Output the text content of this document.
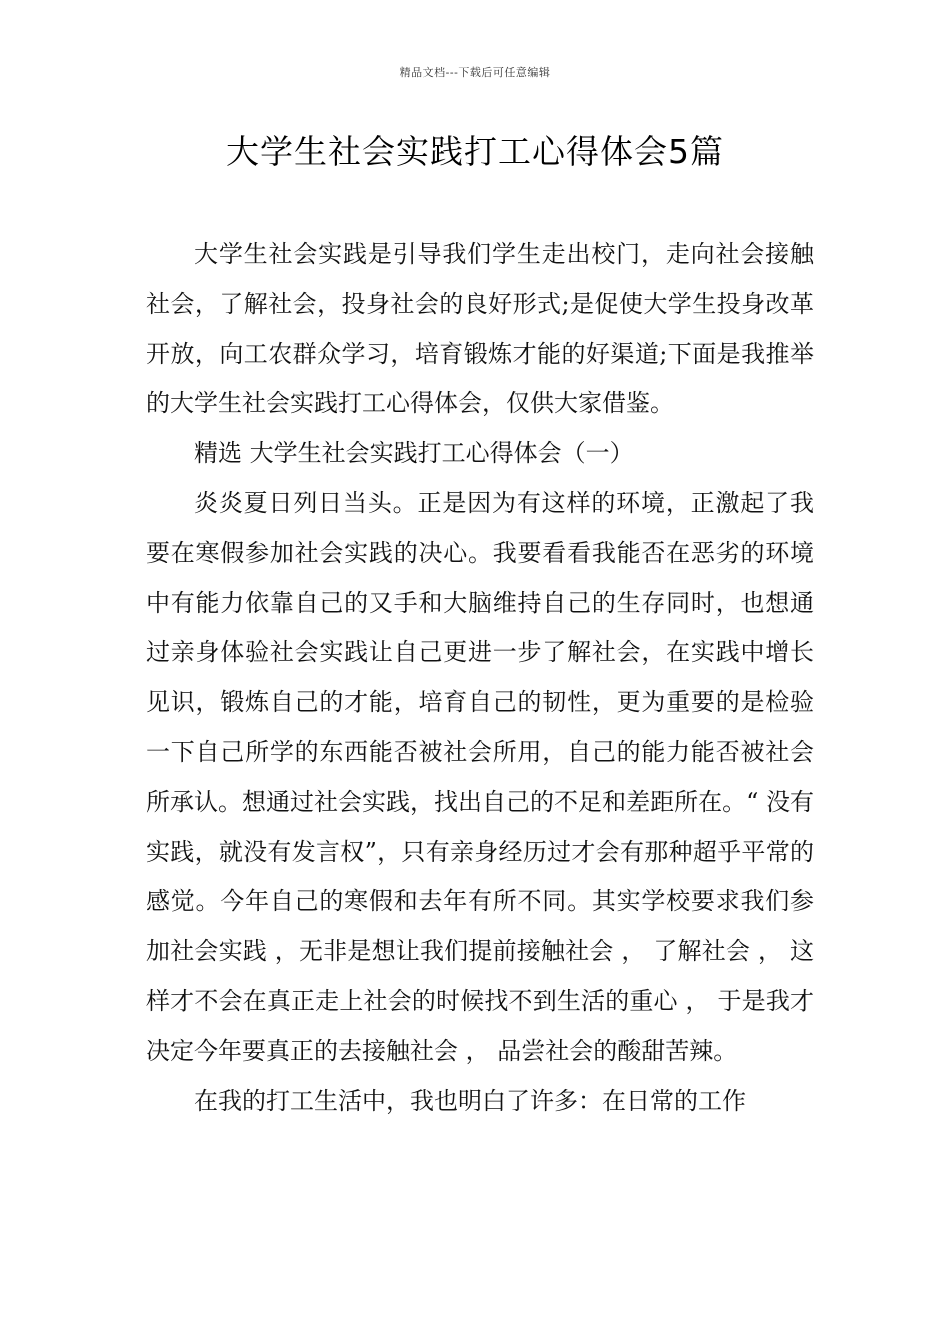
精品文档---下载后可任意编辑
大学生社会实践打工心得体会5篇

大学生社会实践是引导我们学生走出校门，走向社会接触社会，了解社会，投身社会的良好形式;是促使大学生投身改革开放，向工农群众学习，培育锻炼才能的好渠道;下面是我推举的大学生社会实践打工心得体会，仅供大家借鉴。

精选 大学生社会实践打工心得体会（一）

炎炎夏日列日当头。正是因为有这样的环境，正激起了我要在寒假参加社会实践的决心。我要看看我能否在恶劣的环境中有能力依靠自己的又手和大脑维持自己的生存同时，也想通过亲身体验社会实践让自己更进一步了解社会，在实践中增长见识，锻炼自己的才能，培育自己的韧性，更为重要的是检验一下自己所学的东西能否被社会所用，自己的能力能否被社会所承认。想通过社会实践，找出自己的不足和差距所在。“ 没有实践，就没有发言权”，只有亲身经历过才会有那种超乎平常的感觉。今年自己的寒假和去年有所不同。其实学校要求我们参加社会实践 ，无非是想让我们提前接触社会 ， 了解社会 ， 这样才不会在真正走上社会的时候找不到生活的重心 ， 于是我才决定今年要真正的去接触社会 ， 品尝社会的酸甜苦辣。

在我的打工生活中，我也明白了许多：在日常的工作
